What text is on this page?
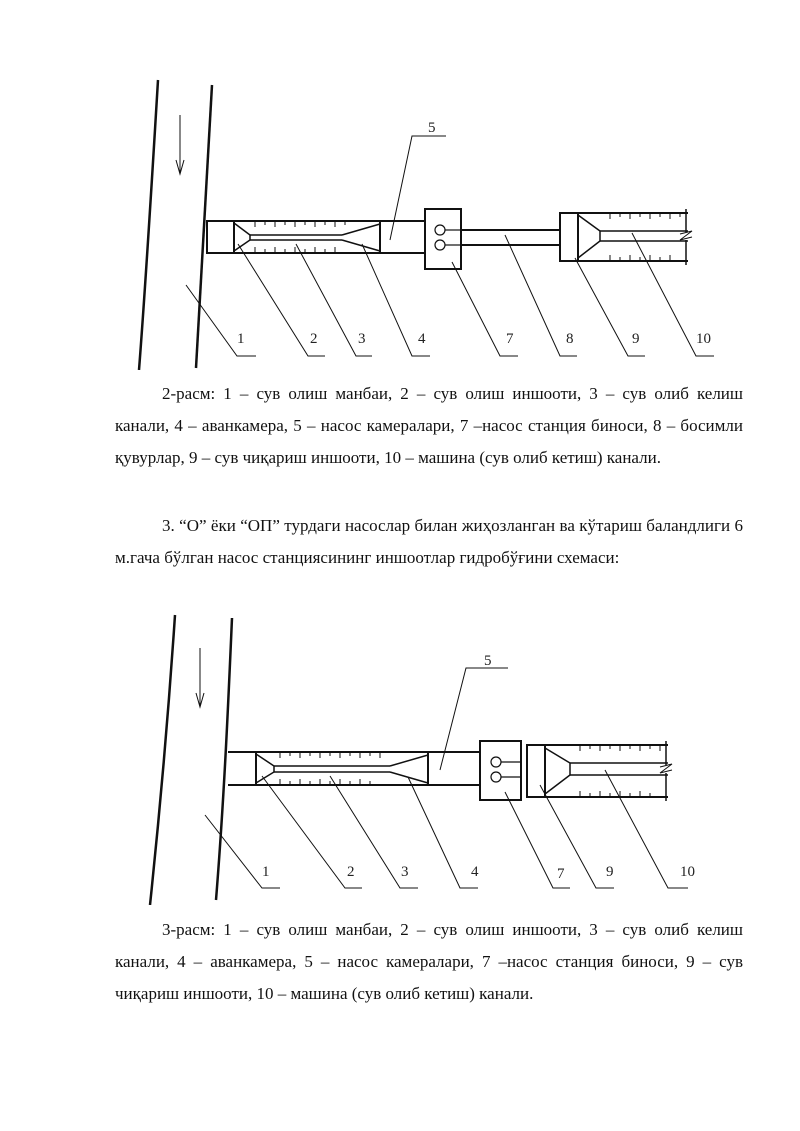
1	2	3	4
5
7	8	9	10

2-расм: 1 – сув олиш манбаи, 2 – сув олиш иншооти, 3 – сув олиб келиш канали, 4 – аванкамера, 5 – насос камералари, 7 –насос станция биноси, 8 – босимли қувурлар, 9 – сув чиқариш иншооти, 10 – машина (сув олиб кетиш) канали.

3. “О” ёки “ОП” турдаги насослар билан жиҳозланган ва кўтариш баландлиги 6 м.гача бўлган насос станциясининг иншоотлар гидробўғини схемаси:

1	2	3	4
5
7	9	10

3-расм: 1 – сув олиш манбаи, 2 – сув олиш иншооти, 3 – сув олиб келиш канали, 4 – аванкамера, 5 – насос камералари, 7 –насос станция биноси, 9 – сув чиқариш иншооти, 10 – машина (сув олиб кетиш) канали.
